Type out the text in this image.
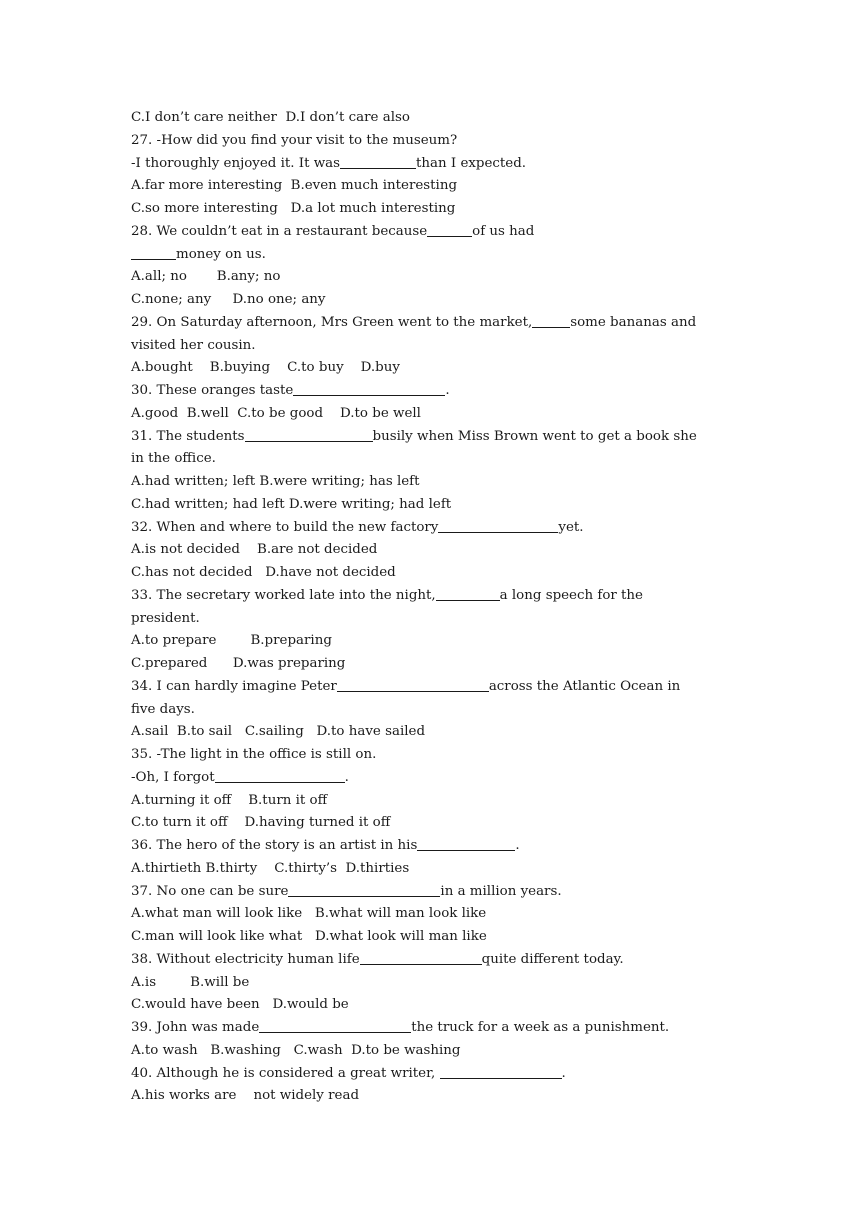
C.I don’t care neither  D.I don’t care also
27. -How did you find your visit to the museum?
-I thoroughly enjoyed it. It was	than I expected.
A.far more interesting  B.even much interesting
C.so more interesting   D.a lot much interesting
28. We couldn’t eat in a restaurant because	of us had
money on us.
A.all; no       B.any; no
C.none; any     D.no one; any
29. On Saturday afternoon, Mrs Green went to the market,	some bananas and
visited her cousin.
A.bought    B.buying    C.to buy    D.buy
30. These oranges taste	.
A.good  B.well  C.to be good    D.to be well
31. The students	busily when Miss Brown went to get a book she
in the office.
A.had written; left B.were writing; has left
C.had written; had left D.were writing; had left
32. When and where to build the new factory	yet.
A.is not decided    B.are not decided
C.has not decided   D.have not decided
33. The secretary worked late into the night,	a long speech for the
president.
A.to prepare        B.preparing
C.prepared      D.was preparing
34. I can hardly imagine Peter	across the Atlantic Ocean in
five days.
A.sail  B.to sail   C.sailing   D.to have sailed
35. -The light in the office is still on.
-Oh, I forgot	.
A.turning it off    B.turn it off
C.to turn it off    D.having turned it off
36. The hero of the story is an artist in his	.
A.thirtieth B.thirty    C.thirty’s  D.thirties
37. No one can be sure	in a million years.
A.what man will look like   B.what will man look like
C.man will look like what   D.what look will man like
38. Without electricity human life	quite different today.
A.is        B.will be
C.would have been   D.would be
39. John was made	the truck for a week as a punishment.
A.to wash   B.washing   C.wash  D.to be washing
40. Although he is considered a great writer,	.
A.his works are    not widely read
